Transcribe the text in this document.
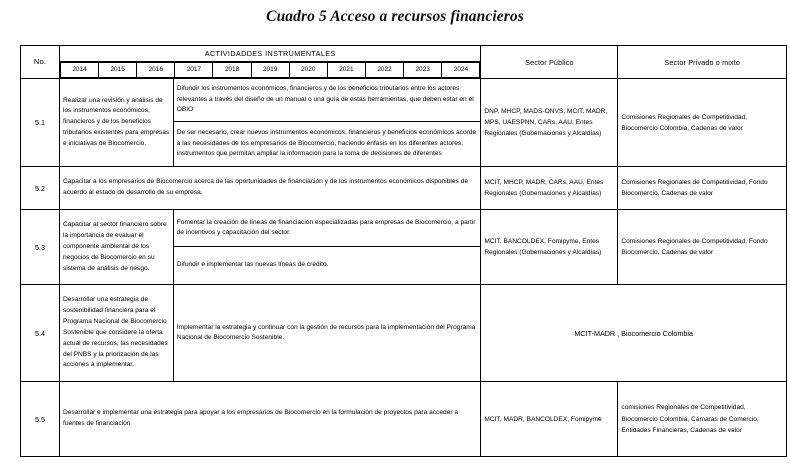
Cuadro 5 Acceso a recursos financieros
No.	ACTIVIDADDES INSTRUMENTALES	Sector Público	Sector Privado o mixto

2014	2015	2016	2017	2018	2019	2020	2021	2022	2023	2024

5.1	Realizar una revisión y análisis de los instrumentos económicos, financieros y de los beneficios tributarios existentes para empresas e iniciativas de Biocomercio.	Difundir los instrumentos económicos, financieros y de los beneficios tributarios entre los actores relevantes a través del diseño de un manual o una guía de estas herramientas, que deben estar en el OBIO	DNP, MHCP, MADS-ONVS, MCIT, MADR, MPS, UAESPNN, CARs, AAU, Entes Regionales (Gobemaciones y Alcaldías)	Comisiones Regionales de Competitividad, Biocomercio Colombia, Cadenas de valor
De ser necesario, crear nuevos instrumentos económicos, financieros y beneficios económicos acorde a las necesidades de los empresarios de Biocomercio, haciendo énfasis en los diferentes actores. instrumentos que permitan ampliar la información para la toma de decisiones de diferentes
5.2	Capacitar a los empresarios de Biocomercio acerca de las oportunidades de financiación y de los instrumentos económicos disponibles de acuerdo al estado de desarrollo de su empresa.	MCIT, MHCP, MADR, CARs, AAU, Entes Regionales (Gobemaciones y Alcaldías)	Comisiones Regionales de Competitividad, Fondo Biocomercio, Cadenas de valor
5.3	Capacitar al sector financiero sobre la importancia de evaluar el componente ambiental de los negocios de Biocomercio en su sistema de análisis de riesgo.	Fomentar la creación de líneas de financiación especializadas para empresas de Biocomercio, a partir de incentivos y capacitación del sector.	MCIT, BANCOLDEX, Fomipyme, Entes Regionales (Gobemaciones y Alcaldías)	Comisiones Regionales de Competitividad, Fondo Biocomercio, Cadenas de valor
Difundir e implementar las nuevas líneas de crédito.
5.4	Desarrollar una estrategia de sostenibilidad financiera para el Programa Nacional de Biocomercio Sostenible que considere la oferta actual de recursos, las necesidades del PNBS y la priorización de las acciones a implementar.	Implementar la estrategia y continuar con la gestión de recursos para la implementación del Programa Nacional de Biocomercio Sostenible.	MCIT-MADR , Biocomercio Colombia
5.5	Desarrollar e implementar una estrategia para apoyar a los empresarios de Biocomercio en la formulación de proyectos para acceder a fuentes de financiación	MCIT, MADR, BANCOLDEX, Fomipyme	comisiones Regionales de Competitividad, Biocomercio Colombia, Cámaras de Comercio, Entidades Financieras, Cadenas de valor
